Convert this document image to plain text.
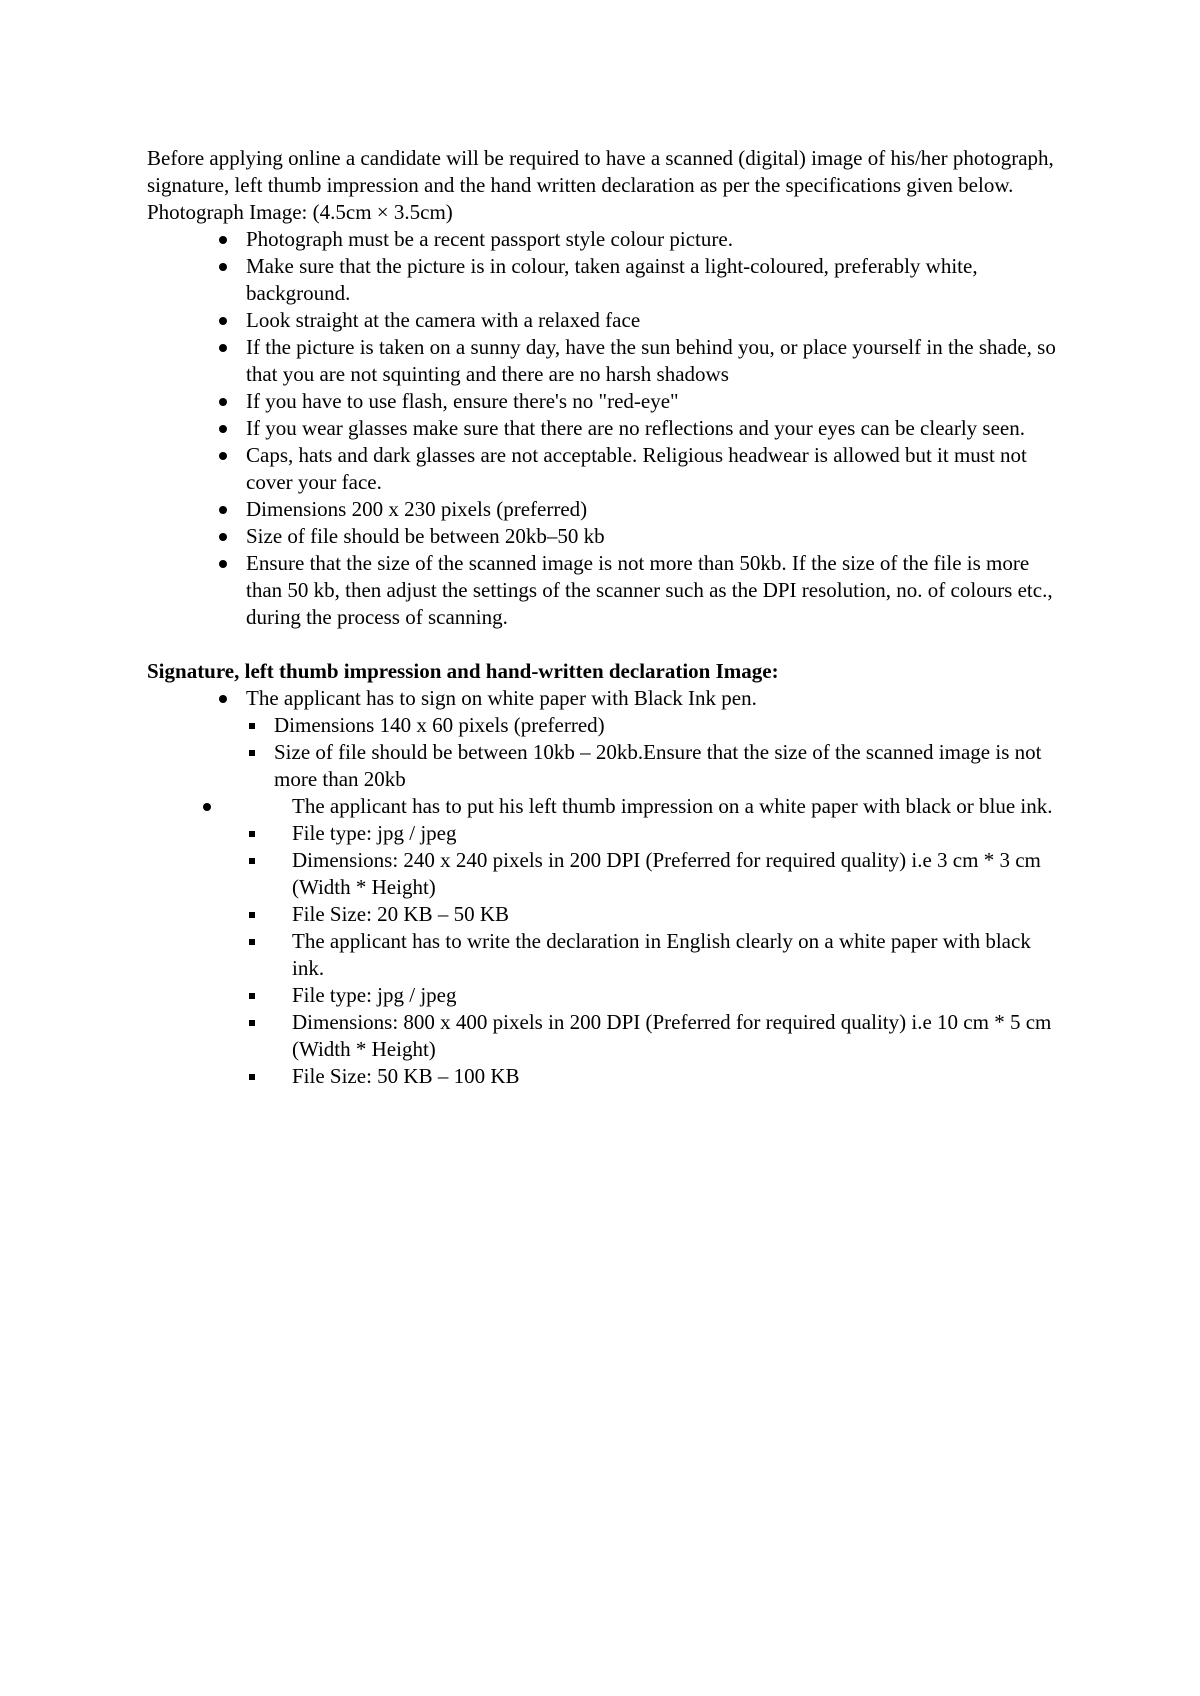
Before applying online a candidate will be required to have a scanned (digital) image of his/her photograph, signature, left thumb impression and the hand written declaration as per the specifications given below.

Photograph Image: (4.5cm × 3.5cm)

Photograph must be a recent passport style colour picture.
Make sure that the picture is in colour, taken against a light-coloured, preferably white, background.
Look straight at the camera with a relaxed face
If the picture is taken on a sunny day, have the sun behind you, or place yourself in the shade, so that you are not squinting and there are no harsh shadows
If you have to use flash, ensure there's no "red-eye"
If you wear glasses make sure that there are no reflections and your eyes can be clearly seen.
Caps, hats and dark glasses are not acceptable. Religious headwear is allowed but it must not cover your face.
Dimensions 200 x 230 pixels (preferred)
Size of file should be between 20kb–50 kb
Ensure that the size of the scanned image is not more than 50kb. If the size of the file is more than 50 kb, then adjust the settings of the scanner such as the DPI resolution, no. of colours etc., during the process of scanning.

Signature, left thumb impression and hand-written declaration Image:

The applicant has to sign on white paper with Black Ink pen.
Dimensions 140 x 60 pixels (preferred)
Size of file should be between 10kb – 20kb.Ensure that the size of the scanned image is not more than 20kb
The applicant has to put his left thumb impression on a white paper with black or blue ink.
File type: jpg / jpeg
Dimensions: 240 x 240 pixels in 200 DPI (Preferred for required quality) i.e 3 cm * 3 cm (Width * Height)
File Size: 20 KB – 50 KB
The applicant has to write the declaration in English clearly on a white paper with black ink.
File type: jpg / jpeg
Dimensions: 800 x 400 pixels in 200 DPI (Preferred for required quality) i.e 10 cm * 5 cm (Width * Height)
File Size: 50 KB – 100 KB
